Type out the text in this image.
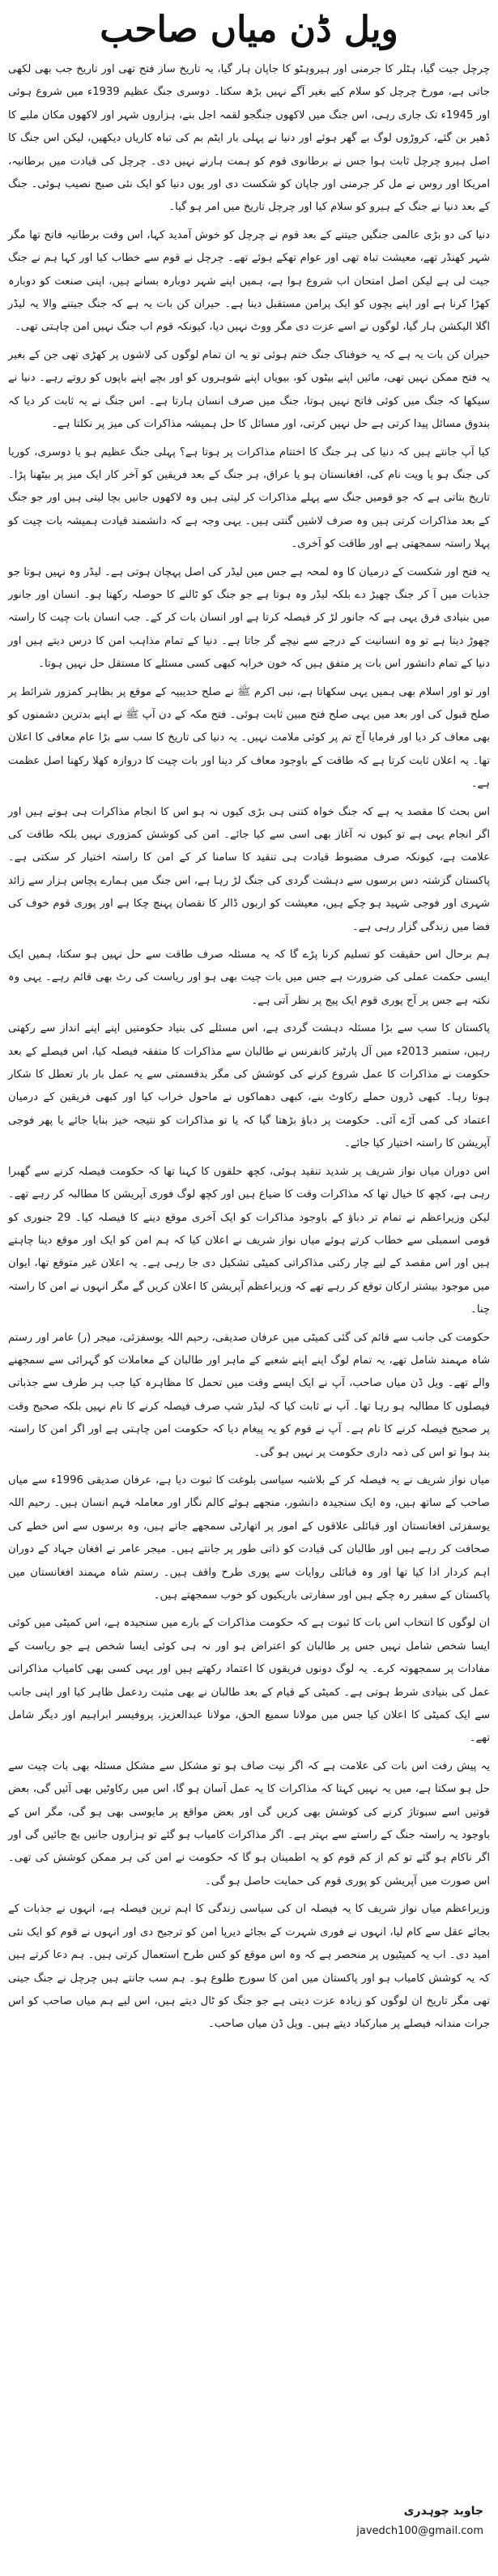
ویل ڈن میاں صاحب

چرچل جیت گیا، ہٹلر کا جرمنی اور ہیروہٹو کا جاپان ہار گیا، یہ تاریخ ساز فتح تھی اور تاریخ جب بھی لکھی جاتی ہے، مورخ چرچل کو سلام کیے بغیر آگے نہیں بڑھ سکتا۔ دوسری جنگ عظیم 1939ء میں شروع ہوئی اور 1945ء تک جاری رہی، اس جنگ میں لاکھوں جنگجو لقمہ اجل بنے، ہزاروں شہر اور لاکھوں مکان ملبے کا ڈھیر بن گئے، کروڑوں لوگ بے گھر ہوئے اور دنیا نے پہلی بار ایٹم بم کی تباہ کاریاں دیکھیں، لیکن اس جنگ کا اصل ہیرو چرچل ثابت ہوا جس نے برطانوی قوم کو ہمت ہارنے نہیں دی۔ چرچل کی قیادت میں برطانیہ، امریکا اور روس نے مل کر جرمنی اور جاپان کو شکست دی اور یوں دنیا کو ایک نئی صبح نصیب ہوئی۔ جنگ کے بعد دنیا نے جنگ کے ہیرو کو سلام کیا اور چرچل تاریخ میں امر ہو گیا۔

دنیا کی دو بڑی عالمی جنگیں جیتنے کے بعد قوم نے چرچل کو خوش آمدید کہا، اس وقت برطانیہ فاتح تھا مگر شہر کھنڈر تھے، معیشت تباہ تھی اور عوام تھکے ہوئے تھے۔ چرچل نے قوم سے خطاب کیا اور کہا ہم نے جنگ جیت لی ہے لیکن اصل امتحان اب شروع ہوا ہے، ہمیں اپنے شہر دوبارہ بسانے ہیں، اپنی صنعت کو دوبارہ کھڑا کرنا ہے اور اپنے بچوں کو ایک پرامن مستقبل دینا ہے۔ حیران کن بات یہ ہے کہ جنگ جیتنے والا یہ لیڈر اگلا الیکشن ہار گیا، لوگوں نے اسے عزت دی مگر ووٹ نہیں دیا، کیونکہ قوم اب جنگ نہیں امن چاہتی تھی۔

حیران کن بات یہ ہے کہ یہ خوفناک جنگ ختم ہوئی تو یہ ان تمام لوگوں کی لاشوں پر کھڑی تھی جن کے بغیر یہ فتح ممکن نہیں تھی، مائیں اپنے بیٹوں کو، بیویاں اپنے شوہروں کو اور بچے اپنے باپوں کو روتے رہے۔ دنیا نے سیکھا کہ جنگ میں کوئی فاتح نہیں ہوتا، جنگ میں صرف انسان ہارتا ہے۔ اس جنگ نے یہ ثابت کر دیا کہ بندوق مسائل پیدا کرتی ہے حل نہیں کرتی، اور مسائل کا حل ہمیشہ مذاکرات کی میز پر نکلتا ہے۔

کیا آپ جانتے ہیں کہ دنیا کی ہر جنگ کا اختتام مذاکرات پر ہوتا ہے؟ پہلی جنگ عظیم ہو یا دوسری، کوریا کی جنگ ہو یا ویت نام کی، افغانستان ہو یا عراق، ہر جنگ کے بعد فریقین کو آخر کار ایک میز پر بیٹھنا پڑا۔ تاریخ بتاتی ہے کہ جو قومیں جنگ سے پہلے مذاکرات کر لیتی ہیں وہ لاکھوں جانیں بچا لیتی ہیں اور جو جنگ کے بعد مذاکرات کرتی ہیں وہ صرف لاشیں گنتی ہیں۔ یہی وجہ ہے کہ دانشمند قیادت ہمیشہ بات چیت کو پہلا راستہ سمجھتی ہے اور طاقت کو آخری۔

یہ فتح اور شکست کے درمیان کا وہ لمحہ ہے جس میں لیڈر کی اصل پہچان ہوتی ہے۔ لیڈر وہ نہیں ہوتا جو جذبات میں آ کر جنگ چھیڑ دے بلکہ لیڈر وہ ہوتا ہے جو جنگ کو ٹالنے کا حوصلہ رکھتا ہو۔ انسان اور جانور میں بنیادی فرق یہی ہے کہ جانور لڑ کر فیصلہ کرتا ہے اور انسان بات کر کے۔ جب انسان بات چیت کا راستہ چھوڑ دیتا ہے تو وہ انسانیت کے درجے سے نیچے گر جاتا ہے۔ دنیا کے تمام مذاہب امن کا درس دیتے ہیں اور دنیا کے تمام دانشور اس بات پر متفق ہیں کہ خون خرابہ کبھی کسی مسئلے کا مستقل حل نہیں ہوتا۔

اور تو اور اسلام بھی ہمیں یہی سکھاتا ہے، نبی اکرم ﷺ نے صلح حدیبیہ کے موقع پر بظاہر کمزور شرائط پر صلح قبول کی اور بعد میں یہی صلح فتح مبین ثابت ہوئی۔ فتح مکہ کے دن آپ ﷺ نے اپنے بدترین دشمنوں کو بھی معاف کر دیا اور فرمایا آج تم پر کوئی ملامت نہیں۔ یہ دنیا کی تاریخ کا سب سے بڑا عام معافی کا اعلان تھا۔ یہ اعلان ثابت کرتا ہے کہ طاقت کے باوجود معاف کر دینا اور بات چیت کا دروازہ کھلا رکھنا اصل عظمت ہے۔

اس بحث کا مقصد یہ ہے کہ جنگ خواہ کتنی ہی بڑی کیوں نہ ہو اس کا انجام مذاکرات ہی ہوتے ہیں اور اگر انجام یہی ہے تو کیوں نہ آغاز بھی اسی سے کیا جائے۔ امن کی کوشش کمزوری نہیں بلکہ طاقت کی علامت ہے، کیونکہ صرف مضبوط قیادت ہی تنقید کا سامنا کر کے امن کا راستہ اختیار کر سکتی ہے۔ پاکستان گزشتہ دس برسوں سے دہشت گردی کی جنگ لڑ رہا ہے، اس جنگ میں ہمارے پچاس ہزار سے زائد شہری اور فوجی شہید ہو چکے ہیں، معیشت کو اربوں ڈالر کا نقصان پہنچ چکا ہے اور پوری قوم خوف کی فضا میں زندگی گزار رہی ہے۔

ہم برحال اس حقیقت کو تسلیم کرنا پڑے گا کہ یہ مسئلہ صرف طاقت سے حل نہیں ہو سکتا، ہمیں ایک ایسی حکمت عملی کی ضرورت ہے جس میں بات چیت بھی ہو اور ریاست کی رٹ بھی قائم رہے۔ یہی وہ نکتہ ہے جس پر آج پوری قوم ایک پیج پر نظر آتی ہے۔

پاکستان کا سب سے بڑا مسئلہ دہشت گردی ہے، اس مسئلے کی بنیاد حکومتیں اپنے اپنے انداز سے رکھتی رہیں، ستمبر 2013ء میں آل پارٹیز کانفرنس نے طالبان سے مذاکرات کا متفقہ فیصلہ کیا، اس فیصلے کے بعد حکومت نے مذاکرات کا عمل شروع کرنے کی کوشش کی مگر بدقسمتی سے یہ عمل بار بار تعطل کا شکار ہوتا رہا۔ کبھی ڈرون حملے رکاوٹ بنے، کبھی دھماکوں نے ماحول خراب کیا اور کبھی فریقین کے درمیان اعتماد کی کمی آڑے آئی۔ حکومت پر دباؤ بڑھتا گیا کہ یا تو مذاکرات کو نتیجہ خیز بنایا جائے یا پھر فوجی آپریشن کا راستہ اختیار کیا جائے۔

اس دوران میاں نواز شریف پر شدید تنقید ہوئی، کچھ حلقوں کا کہنا تھا کہ حکومت فیصلہ کرنے سے گھبرا رہی ہے، کچھ کا خیال تھا کہ مذاکرات وقت کا ضیاع ہیں اور کچھ لوگ فوری آپریشن کا مطالبہ کر رہے تھے۔ لیکن وزیراعظم نے تمام تر دباؤ کے باوجود مذاکرات کو ایک آخری موقع دینے کا فیصلہ کیا۔ 29 جنوری کو قومی اسمبلی سے خطاب کرتے ہوئے میاں نواز شریف نے اعلان کیا کہ ہم امن کو ایک اور موقع دینا چاہتے ہیں اور اس مقصد کے لیے چار رکنی مذاکراتی کمیٹی تشکیل دی جا رہی ہے۔ یہ اعلان غیر متوقع تھا، ایوان میں موجود بیشتر ارکان توقع کر رہے تھے کہ وزیراعظم آپریشن کا اعلان کریں گے مگر انہوں نے امن کا راستہ چنا۔

حکومت کی جانب سے قائم کی گئی کمیٹی میں عرفان صدیقی، رحیم اللہ یوسفزئی، میجر (ر) عامر اور رستم شاہ مہمند شامل تھے، یہ تمام لوگ اپنے اپنے شعبے کے ماہر اور طالبان کے معاملات کو گہرائی سے سمجھنے والے تھے۔ ویل ڈن میاں صاحب، آپ نے ایک ایسے وقت میں تحمل کا مظاہرہ کیا جب ہر طرف سے جذباتی فیصلوں کا مطالبہ ہو رہا تھا۔ آپ نے ثابت کیا کہ لیڈر شپ صرف فیصلہ کرنے کا نام نہیں بلکہ صحیح وقت پر صحیح فیصلہ کرنے کا نام ہے۔ آپ نے قوم کو یہ پیغام دیا کہ حکومت امن چاہتی ہے اور اگر امن کا راستہ بند ہوا تو اس کی ذمہ داری حکومت پر نہیں ہو گی۔

میاں نواز شریف نے یہ فیصلہ کر کے بلاشبہ سیاسی بلوغت کا ثبوت دیا ہے، عرفان صدیقی 1996ء سے میاں صاحب کے ساتھ ہیں، وہ ایک سنجیدہ دانشور، منجھے ہوئے کالم نگار اور معاملہ فہم انسان ہیں۔ رحیم اللہ یوسفزئی افغانستان اور قبائلی علاقوں کے امور پر اتھارٹی سمجھے جاتے ہیں، وہ برسوں سے اس خطے کی صحافت کر رہے ہیں اور طالبان کی قیادت کو ذاتی طور پر جانتے ہیں۔ میجر عامر نے افغان جہاد کے دوران اہم کردار ادا کیا تھا اور وہ قبائلی روایات سے پوری طرح واقف ہیں۔ رستم شاہ مہمند افغانستان میں پاکستان کے سفیر رہ چکے ہیں اور سفارتی باریکیوں کو خوب سمجھتے ہیں۔

ان لوگوں کا انتخاب اس بات کا ثبوت ہے کہ حکومت مذاکرات کے بارے میں سنجیدہ ہے، اس کمیٹی میں کوئی ایسا شخص شامل نہیں جس پر طالبان کو اعتراض ہو اور نہ ہی کوئی ایسا شخص ہے جو ریاست کے مفادات پر سمجھوتہ کرے۔ یہ لوگ دونوں فریقوں کا اعتماد رکھتے ہیں اور یہی کسی بھی کامیاب مذاکراتی عمل کی بنیادی شرط ہوتی ہے۔ کمیٹی کے قیام کے بعد طالبان نے بھی مثبت ردعمل ظاہر کیا اور اپنی جانب سے ایک کمیٹی کا اعلان کیا جس میں مولانا سمیع الحق، مولانا عبدالعزیز، پروفیسر ابراہیم اور دیگر شامل تھے۔

یہ پیش رفت اس بات کی علامت ہے کہ اگر نیت صاف ہو تو مشکل سے مشکل مسئلہ بھی بات چیت سے حل ہو سکتا ہے، میں یہ نہیں کہتا کہ مذاکرات کا یہ عمل آسان ہو گا، اس میں رکاوٹیں بھی آئیں گی، بعض قوتیں اسے سبوتاژ کرنے کی کوشش بھی کریں گی اور بعض مواقع پر مایوسی بھی ہو گی، مگر اس کے باوجود یہ راستہ جنگ کے راستے سے بہتر ہے۔ اگر مذاکرات کامیاب ہو گئے تو ہزاروں جانیں بچ جائیں گی اور اگر ناکام ہو گئے تو کم از کم قوم کو یہ اطمینان ہو گا کہ حکومت نے امن کی ہر ممکن کوشش کی تھی۔ اس صورت میں آپریشن کو پوری قوم کی حمایت حاصل ہو گی۔

وزیراعظم میاں نواز شریف کا یہ فیصلہ ان کی سیاسی زندگی کا اہم ترین فیصلہ ہے، انہوں نے جذبات کے بجائے عقل سے کام لیا، انہوں نے فوری شہرت کے بجائے دیرپا امن کو ترجیح دی اور انہوں نے قوم کو ایک نئی امید دی۔ اب یہ کمیٹیوں پر منحصر ہے کہ وہ اس موقع کو کس طرح استعمال کرتی ہیں۔ ہم دعا کرتے ہیں کہ یہ کوشش کامیاب ہو اور پاکستان میں امن کا سورج طلوع ہو۔ ہم سب جانتے ہیں چرچل نے جنگ جیتی تھی مگر تاریخ ان لوگوں کو زیادہ عزت دیتی ہے جو جنگ کو ٹال دیتے ہیں، اس لیے ہم میاں صاحب کو اس جرات مندانہ فیصلے پر مبارکباد دیتے ہیں۔ ویل ڈن میاں صاحب۔

جاوید چوہدری
javedch100@gmail.com
